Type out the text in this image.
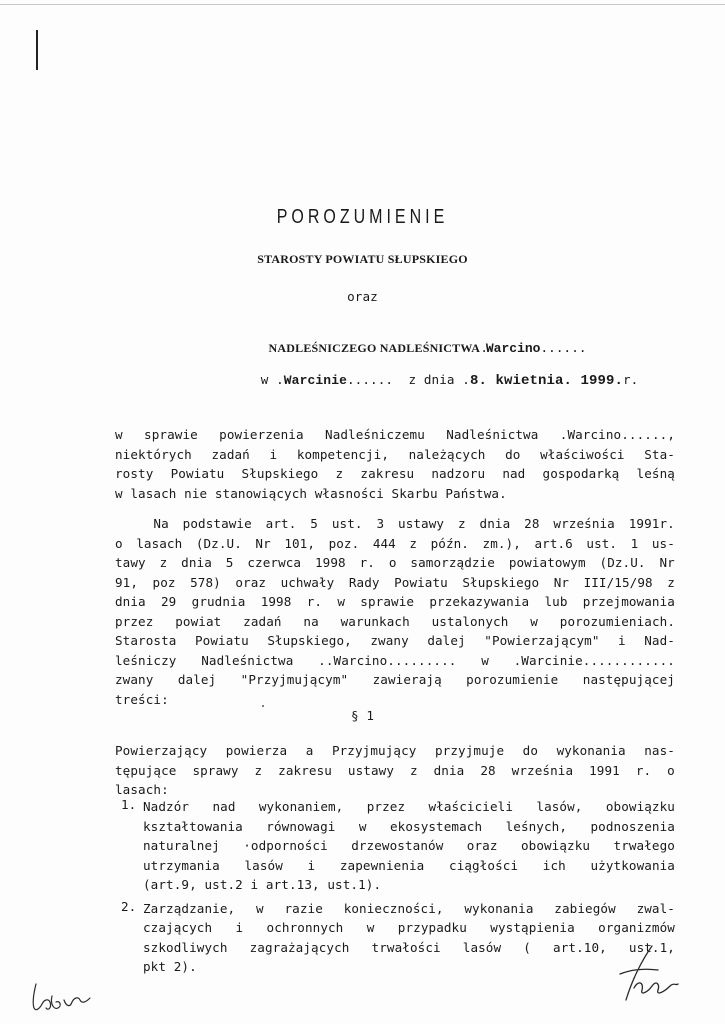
POROZUMIENIE
STAROSTY POWIATU SŁUPSKIEGO
oraz

NADLEŚNICZEGO NADLEŚNICTWA .Warcino......

w .Warcinie...... z dnia .8. kwietnia. 1999.r.

w sprawie powierzenia Nadleśniczemu Nadleśnictwa .Warcino......,
niektórych zadań i kompetencji, należących do właściwości Sta-
rosty Powiatu Słupskiego z zakresu nadzoru nad gospodarką leśną
w lasach nie stanowiących własności Skarbu Państwa.
Na podstawie art. 5 ust. 3 ustawy z dnia 28 września 1991r.
o lasach (Dz.U. Nr 101, poz. 444 z późn. zm.), art.6 ust. 1 us-
tawy z dnia 5 czerwca 1998 r. o samorządzie powiatowym (Dz.U. Nr
91, poz 578) oraz uchwały Rady Powiatu Słupskiego Nr III/15/98 z
dnia 29 grudnia 1998 r. w sprawie przekazywania lub przejmowania
przez powiat zadań na warunkach ustalonych w porozumieniach.
Starosta Powiatu Słupskiego, zwany dalej "Powierzającym" i Nad-
leśniczy Nadleśnictwa ..Warcino......... w .Warcinie............
zwany dalej "Przyjmującym" zawierają porozumienie następującej
treści:
§ 1
Powierzający powierza a Przyjmujący przyjmuje do wykonania nas-
tępujące sprawy z zakresu ustawy z dnia 28 września 1991 r. o
lasach:
1. Nadzór nad wykonaniem, przez właścicieli lasów, obowiązku
kształtowania równowagi w ekosystemach leśnych, podnoszenia
naturalnej ·odporności drzewostanów oraz obowiązku trwałego
utrzymania lasów i zapewnienia ciągłości ich użytkowania
(art.9, ust.2 i art.13, ust.1).
2. Zarządzanie, w razie konieczności, wykonania zabiegów zwal-
czających i ochronnych w przypadku wystąpienia organizmów
szkodliwych zagrażających trwałości lasów ( art.10, ust.1,
pkt 2).
